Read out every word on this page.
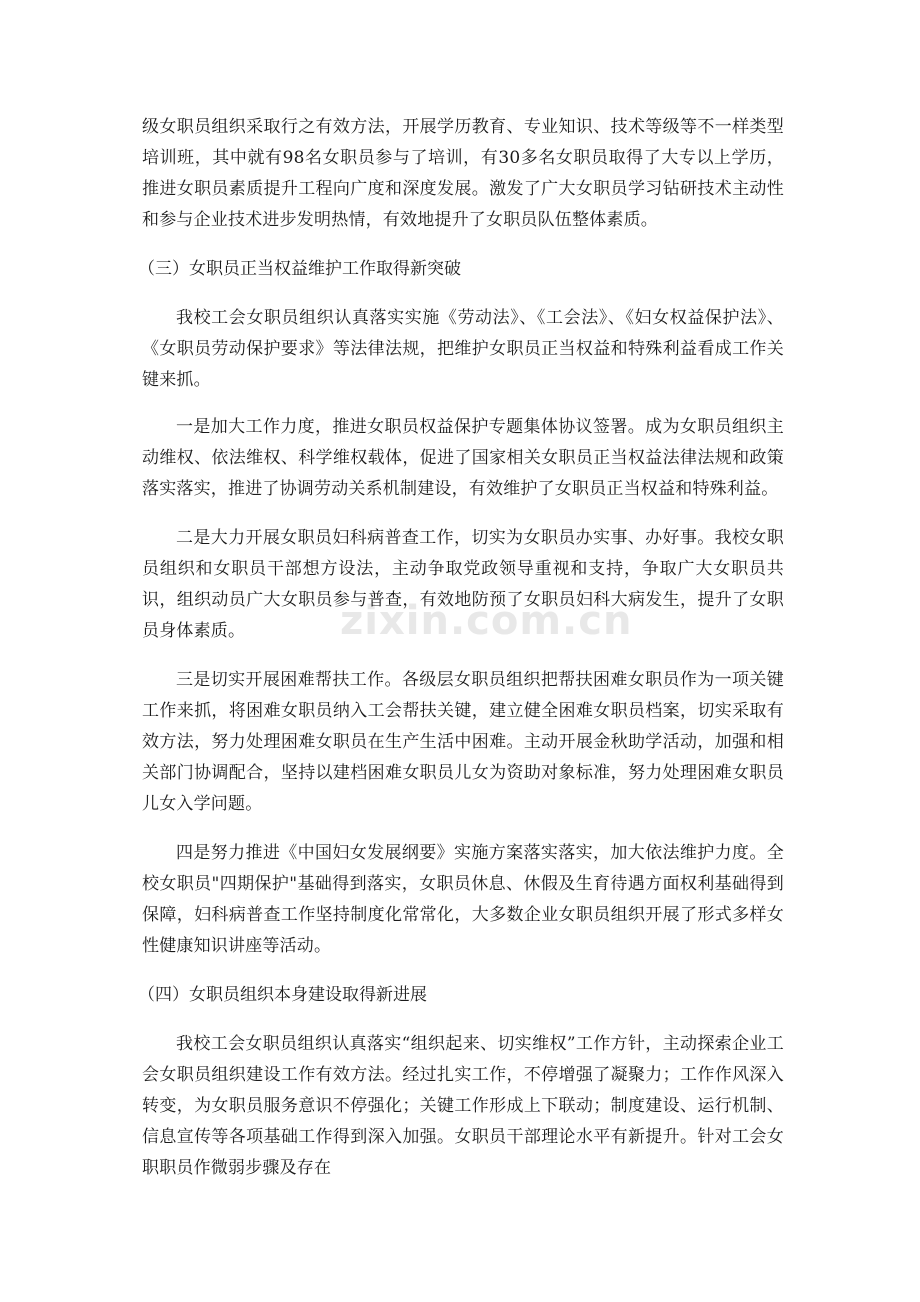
zixin.com.cn

级女职员组织采取行之有效方法，开展学历教育、专业知识、技术等级等不一样类型培训班，其中就有98名女职员参与了培训，有30多名女职员取得了大专以上学历，推进女职员素质提升工程向广度和深度发展。激发了广大女职员学习钻研技术主动性和参与企业技术进步发明热情，有效地提升了女职员队伍整体素质。

（三）女职员正当权益维护工作取得新突破

我校工会女职员组织认真落实实施《劳动法》、《工会法》、《妇女权益保护法》、《女职员劳动保护要求》等法律法规，把维护女职员正当权益和特殊利益看成工作关键来抓。

一是加大工作力度，推进女职员权益保护专题集体协议签署。成为女职员组织主动维权、依法维权、科学维权载体，促进了国家相关女职员正当权益法律法规和政策落实落实，推进了协调劳动关系机制建设，有效维护了女职员正当权益和特殊利益。

二是大力开展女职员妇科病普查工作，切实为女职员办实事、办好事。我校女职员组织和女职员干部想方设法，主动争取党政领导重视和支持，争取广大女职员共识，组织动员广大女职员参与普查，有效地防预了女职员妇科大病发生，提升了女职员身体素质。

三是切实开展困难帮扶工作。各级层女职员组织把帮扶困难女职员作为一项关键工作来抓，将困难女职员纳入工会帮扶关键，建立健全困难女职员档案，切实采取有效方法，努力处理困难女职员在生产生活中困难。主动开展金秋助学活动，加强和相关部门协调配合，坚持以建档困难女职员儿女为资助对象标准，努力处理困难女职员儿女入学问题。

四是努力推进《中国妇女发展纲要》实施方案落实落实，加大依法维护力度。全校女职员"四期保护"基础得到落实，女职员休息、休假及生育待遇方面权利基础得到保障，妇科病普查工作坚持制度化常常化，大多数企业女职员组织开展了形式多样女性健康知识讲座等活动。

（四）女职员组织本身建设取得新进展

我校工会女职员组织认真落实“组织起来、切实维权”工作方针，主动探索企业工会女职员组织建设工作有效方法。经过扎实工作，不停增强了凝聚力；工作作风深入转变，为女职员服务意识不停强化；关键工作形成上下联动；制度建设、运行机制、信息宣传等各项基础工作得到深入加强。女职员干部理论水平有新提升。针对工会女职职员作微弱步骤及存在
